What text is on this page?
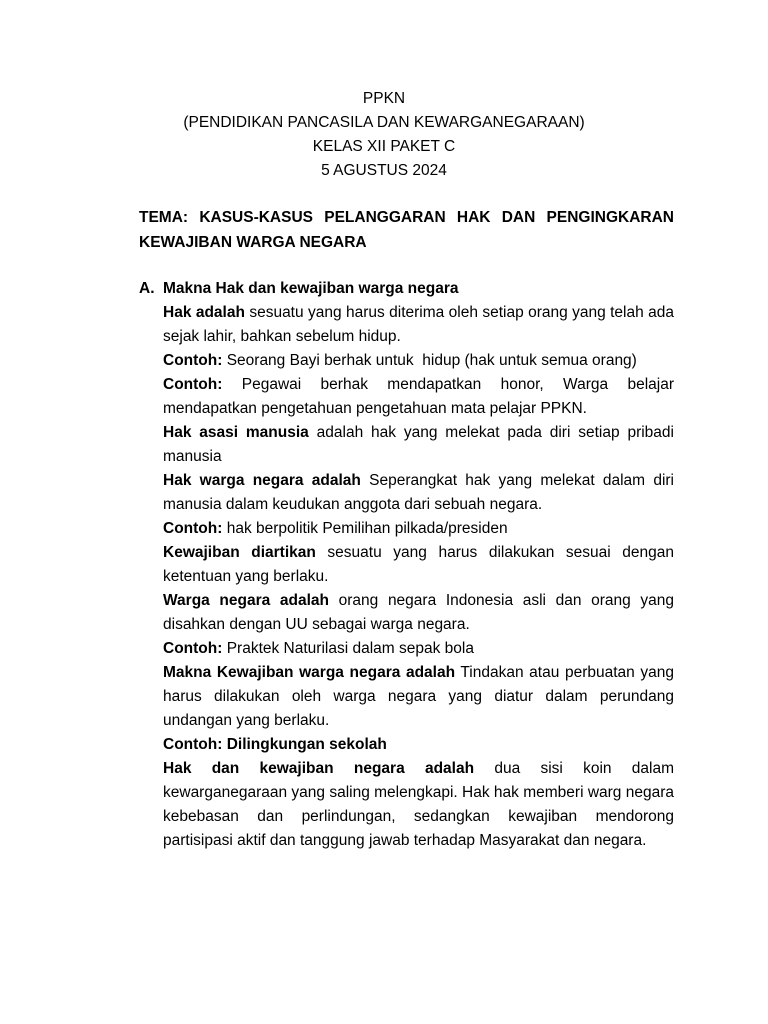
PPKN
(PENDIDIKAN PANCASILA DAN KEWARGANEGARAAN)
KELAS XII PAKET C
5 AGUSTUS 2024
TEMA: KASUS-KASUS PELANGGARAN HAK DAN PENGINGKARAN KEWAJIBAN WARGA NEGARA
A. Makna Hak dan kewajiban warga negara

Hak adalah sesuatu yang harus diterima oleh setiap orang yang telah ada sejak lahir, bahkan sebelum hidup.

Contoh: Seorang Bayi berhak untuk  hidup (hak untuk semua orang)

Contoh: Pegawai berhak mendapatkan honor, Warga belajar mendapatkan pengetahuan pengetahuan mata pelajar PPKN.

Hak asasi manusia adalah hak yang melekat pada diri setiap pribadi manusia

Hak warga negara adalah Seperangkat hak yang melekat dalam diri manusia dalam keudukan anggota dari sebuah negara.

Contoh: hak berpolitik Pemilihan pilkada/presiden

Kewajiban diartikan sesuatu yang harus dilakukan sesuai dengan ketentuan yang berlaku.

Warga negara adalah orang negara Indonesia asli dan orang yang disahkan dengan UU sebagai warga negara.

Contoh: Praktek Naturilasi dalam sepak bola

Makna Kewajiban warga negara adalah Tindakan atau perbuatan yang harus dilakukan oleh warga negara yang diatur dalam perundang undangan yang berlaku.

Contoh: Dilingkungan sekolah

Hak dan kewajiban negara adalah dua sisi koin dalam kewarganegaraan yang saling melengkapi. Hak hak memberi warg negara kebebasan dan perlindungan, sedangkan kewajiban mendorong partisipasi aktif dan tanggung jawab terhadap Masyarakat dan negara.
